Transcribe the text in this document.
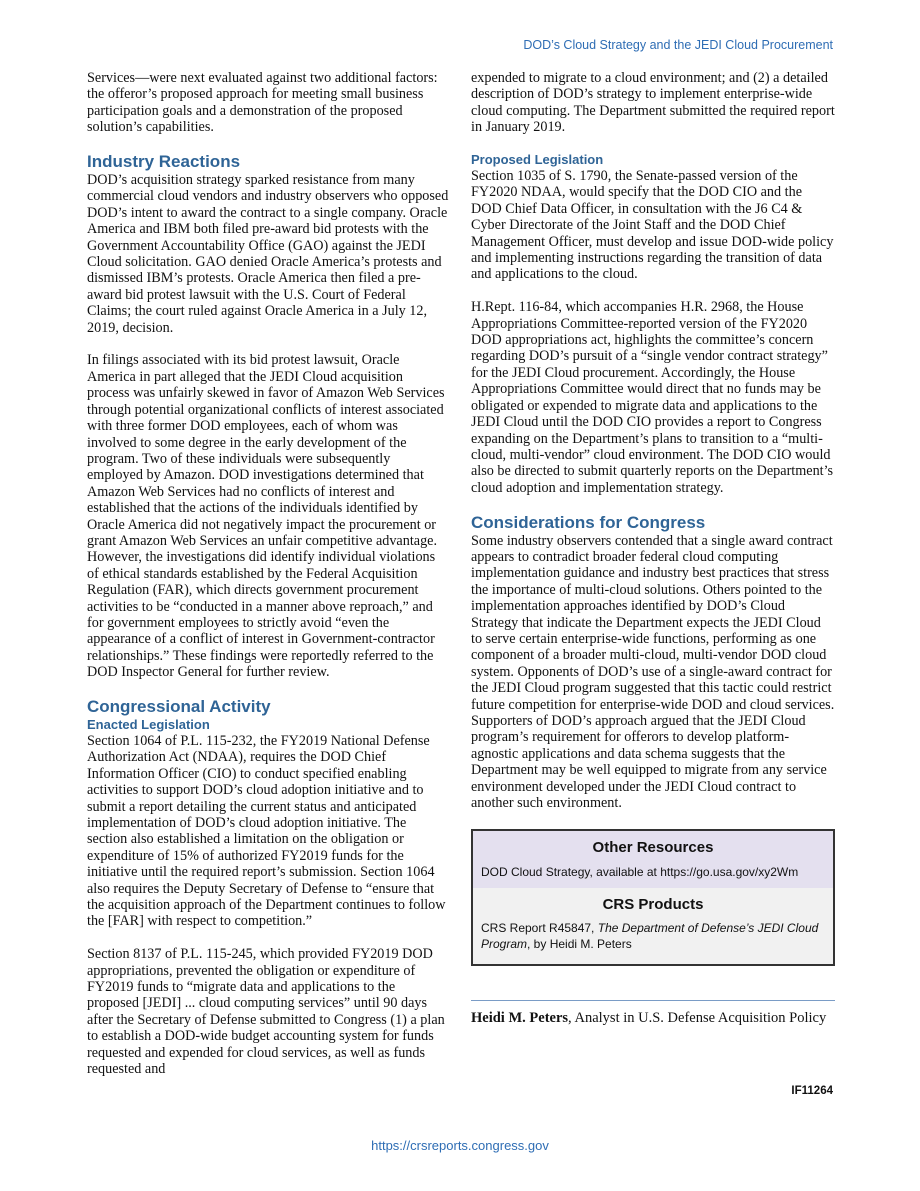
DOD’s Cloud Strategy and the JEDI Cloud Procurement

Services—were next evaluated against two additional factors: the offeror’s proposed approach for meeting small business participation goals and a demonstration of the proposed solution’s capabilities.

Industry Reactions

DOD’s acquisition strategy sparked resistance from many commercial cloud vendors and industry observers who opposed DOD’s intent to award the contract to a single company. Oracle America and IBM both filed pre-award bid protests with the Government Accountability Office (GAO) against the JEDI Cloud solicitation. GAO denied Oracle America’s protests and dismissed IBM’s protests. Oracle America then filed a pre-award bid protest lawsuit with the U.S. Court of Federal Claims; the court ruled against Oracle America in a July 12, 2019, decision.

In filings associated with its bid protest lawsuit, Oracle America in part alleged that the JEDI Cloud acquisition process was unfairly skewed in favor of Amazon Web Services through potential organizational conflicts of interest associated with three former DOD employees, each of whom was involved to some degree in the early development of the program. Two of these individuals were subsequently employed by Amazon. DOD investigations determined that Amazon Web Services had no conflicts of interest and established that the actions of the individuals identified by Oracle America did not negatively impact the procurement or grant Amazon Web Services an unfair competitive advantage. However, the investigations did identify individual violations of ethical standards established by the Federal Acquisition Regulation (FAR), which directs government procurement activities to be “conducted in a manner above reproach,” and for government employees to strictly avoid “even the appearance of a conflict of interest in Government-contractor relationships.” These findings were reportedly referred to the DOD Inspector General for further review.

Congressional Activity
Enacted Legislation

Section 1064 of P.L. 115-232, the FY2019 National Defense Authorization Act (NDAA), requires the DOD Chief Information Officer (CIO) to conduct specified enabling activities to support DOD’s cloud adoption initiative and to submit a report detailing the current status and anticipated implementation of DOD’s cloud adoption initiative. The section also established a limitation on the obligation or expenditure of 15% of authorized FY2019 funds for the initiative until the required report’s submission. Section 1064 also requires the Deputy Secretary of Defense to “ensure that the acquisition approach of the Department continues to follow the [FAR] with respect to competition.”

Section 8137 of P.L. 115-245, which provided FY2019 DOD appropriations, prevented the obligation or expenditure of FY2019 funds to “migrate data and applications to the proposed [JEDI] ... cloud computing services” until 90 days after the Secretary of Defense submitted to Congress (1) a plan to establish a DOD-wide budget accounting system for funds requested and expended for cloud services, as well as funds requested and

expended to migrate to a cloud environment; and (2) a detailed description of DOD’s strategy to implement enterprise-wide cloud computing. The Department submitted the required report in January 2019.

Proposed Legislation

Section 1035 of S. 1790, the Senate-passed version of the FY2020 NDAA, would specify that the DOD CIO and the DOD Chief Data Officer, in consultation with the J6 C4 & Cyber Directorate of the Joint Staff and the DOD Chief Management Officer, must develop and issue DOD-wide policy and implementing instructions regarding the transition of data and applications to the cloud.

H.Rept. 116-84, which accompanies H.R. 2968, the House Appropriations Committee-reported version of the FY2020 DOD appropriations act, highlights the committee’s concern regarding DOD’s pursuit of a “single vendor contract strategy” for the JEDI Cloud procurement. Accordingly, the House Appropriations Committee would direct that no funds may be obligated or expended to migrate data and applications to the JEDI Cloud until the DOD CIO provides a report to Congress expanding on the Department’s plans to transition to a “multi-cloud, multi-vendor” cloud environment. The DOD CIO would also be directed to submit quarterly reports on the Department’s cloud adoption and implementation strategy.

Considerations for Congress

Some industry observers contended that a single award contract appears to contradict broader federal cloud computing implementation guidance and industry best practices that stress the importance of multi-cloud solutions. Others pointed to the implementation approaches identified by DOD’s Cloud Strategy that indicate the Department expects the JEDI Cloud to serve certain enterprise-wide functions, performing as one component of a broader multi-cloud, multi-vendor DOD cloud system. Opponents of DOD’s use of a single-award contract for the JEDI Cloud program suggested that this tactic could restrict future competition for enterprise-wide DOD and cloud services. Supporters of DOD’s approach argued that the JEDI Cloud program’s requirement for offerors to develop platform-agnostic applications and data schema suggests that the Department may be well equipped to migrate from any service environment developed under the JEDI Cloud contract to another such environment.

Other Resources
DOD Cloud Strategy, available at https://go.usa.gov/xy2Wm
CRS Products
CRS Report R45847, The Department of Defense’s JEDI Cloud Program, by Heidi M. Peters
Heidi M. Peters, Analyst in U.S. Defense Acquisition Policy
IF11264
https://crsreports.congress.gov
